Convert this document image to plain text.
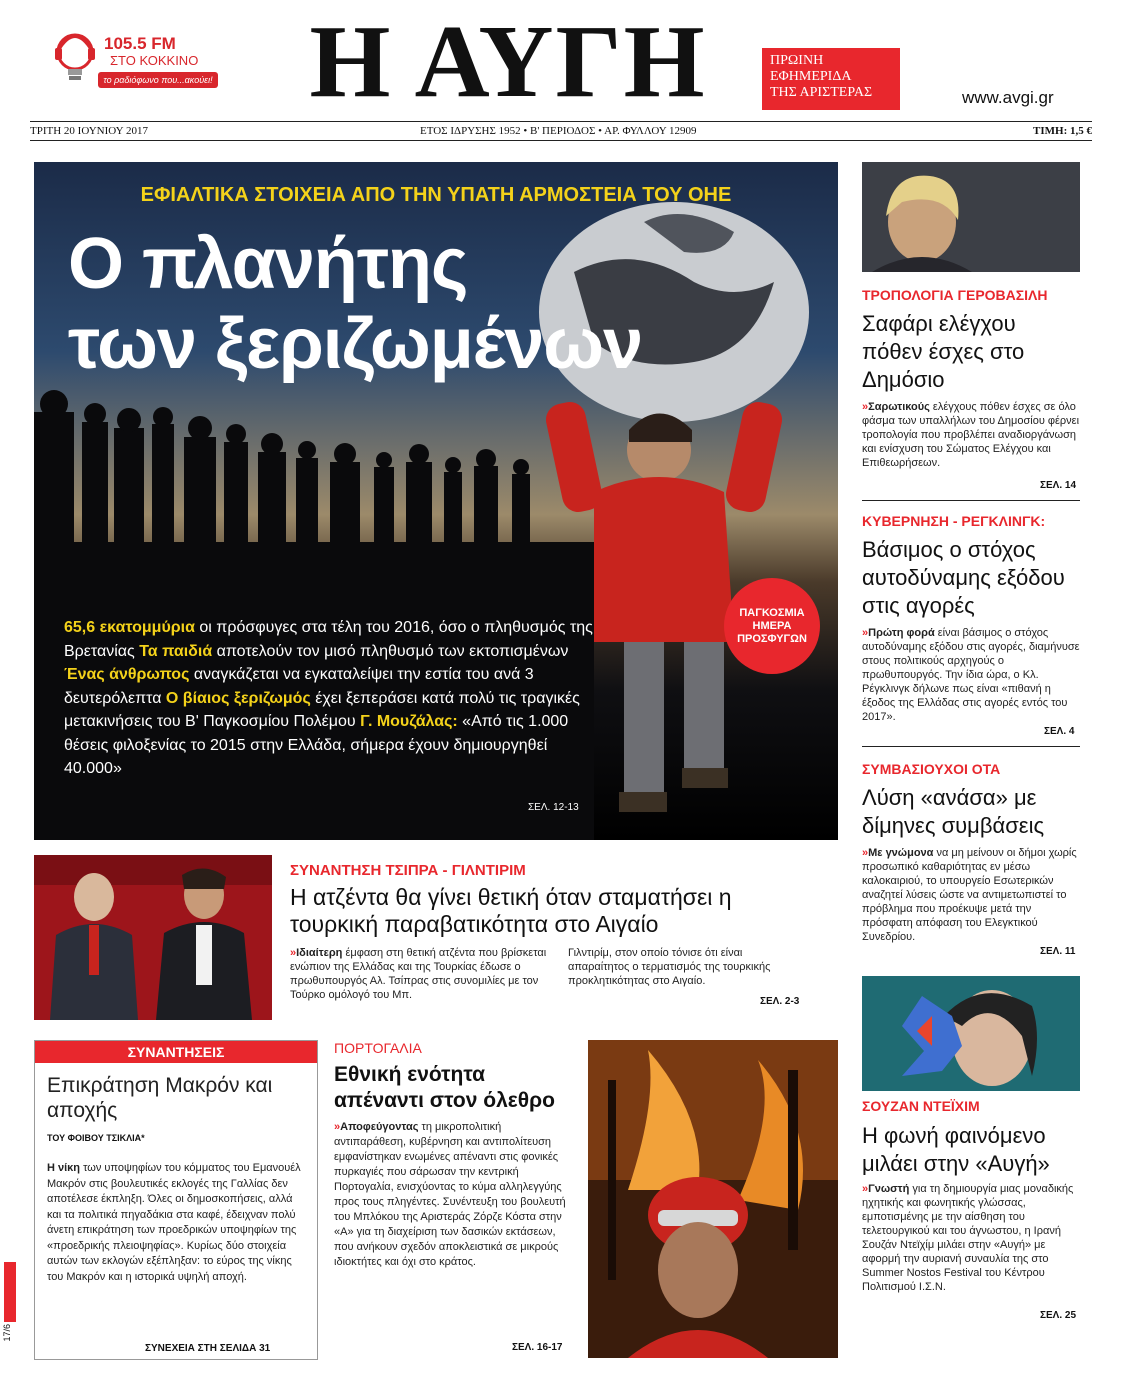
105.5 FM
ΣΤΟ ΚΟΚΚΙΝΟ
το ραδιόφωνο που...ακούει! Η ΑΥΓΗ	ΠΡΩΙΝΗ
ΕΦΗΜΕΡΙΔΑ
ΤΗΣ ΑΡΙΣΤΕΡΑΣ	www.avgi.gr
ΤΡΙΤΗ 20 ΙΟΥΝΙΟΥ 2017	ΕΤΟΣ ΙΔΡΥΣΗΣ 1952 • Β' ΠΕΡΙΟΔΟΣ • ΑΡ. ΦΥΛΛΟΥ 12909	ΤΙΜΗ: 1,5 €
ΕΦΙΑΛΤΙΚΑ ΣΤΟΙΧΕΙΑ ΑΠΟ ΤΗΝ ΥΠΑΤΗ ΑΡΜΟΣΤΕΙΑ ΤΟΥ ΟΗΕ
Ο πλανήτης
των ξεριζωμένων
ΠΑΓΚΟΣΜΙΑ
ΗΜΕΡΑ
ΠΡΟΣΦΥΓΩΝ
65,6 εκατομμύρια οι πρόσφυγες στα τέλη του 2016, όσο ο πληθυσμός της Βρετανίας Τα παιδιά αποτελούν τον μισό πληθυσμό των εκτοπισμένων Ένας άνθρωπος αναγκάζεται να εγκαταλείψει την εστία του ανά 3 δευτερόλεπτα Ο βίαιος ξεριζωμός έχει ξεπεράσει κατά πολύ τις τραγικές μετακινήσεις του Β' Παγκοσμίου Πολέμου Γ. Μουζάλας: «Από τις 1.000 θέσεις φιλοξενίας το 2015 στην Ελλάδα, σήμερα έχουν δημιουργηθεί 40.000»
ΣΕΛ. 12-13
ΤΡΟΠΟΛΟΓΙΑ ΓΕΡΟΒΑΣΙΛΗ
Σαφάρι ελέγχου πόθεν έσχες στο Δημόσιο
»Σαρωτικούς ελέγχους πόθεν έσχες σε όλο φάσμα των υπαλλήλων του Δημοσίου φέρνει τροπολογία που προβλέπει αναδιοργάνωση και ενίσχυση του Σώματος Ελέγχου και Επιθεωρήσεων.
ΣΕΛ. 14
ΚΥΒΕΡΝΗΣΗ - ΡΕΓΚΛΙΝΓΚ:
Βάσιμος ο στόχος αυτοδύναμης εξόδου στις αγορές
»Πρώτη φορά είναι βάσιμος ο στόχος αυτοδύναμης εξόδου στις αγορές, διαμήνυσε στους πολιτικούς αρχηγούς ο πρωθυπουργός. Την ίδια ώρα, ο Κλ. Ρέγκλινγκ δήλωνε πως είναι «πιθανή η έξοδος της Ελλάδας στις αγορές εντός του 2017».
ΣΕΛ. 4
ΣΥΜΒΑΣΙΟΥΧΟΙ ΟΤΑ
Λύση «ανάσα» με δίμηνες συμβάσεις
»Με γνώμονα να μη μείνουν οι δήμοι χωρίς προσωπικό καθαριότητας εν μέσω καλοκαιριού, το υπουργείο Εσωτερικών αναζητεί λύσεις ώστε να αντιμετωπιστεί το πρόβλημα που προέκυψε μετά την πρόσφατη απόφαση του Ελεγκτικού Συνεδρίου.
ΣΕΛ. 11
ΣΟΥΖΑΝ ΝΤΕΪΧΙΜ
Η φωνή φαινόμενο μιλάει στην «Αυγή»
»Γνωστή για τη δημιουργία μιας μοναδικής ηχητικής και φωνητικής γλώσσας, εμποτισμένης με την αίσθηση του τελετουργικού και του άγνωστου, η Ιρανή Σουζάν Ντεϊχίμ μιλάει στην «Αυγή» με αφορμή την αυριανή συναυλία της στο Summer Nostos Festival του Κέντρου Πολιτισμού Ι.Σ.Ν.
ΣΕΛ. 25
ΣΥΝΑΝΤΗΣΗ ΤΣΙΠΡΑ - ΓΙΛΝΤΙΡΙΜ
Η ατζέντα θα γίνει θετική όταν σταματήσει η τουρκική παραβατικότητα στο Αιγαίο
»Ιδιαίτερη έμφαση στη θετική ατζέντα που βρίσκεται ενώπιον της Ελλάδας και της Τουρκίας έδωσε ο πρωθυπουργός Αλ. Τσίπρας στις συνομιλίες με τον Τούρκο ομόλογό του Μπ.
Γιλντιρίμ, στον οποίο τόνισε ότι είναι απαραίτητος ο τερματισμός της τουρκικής προκλητικότητας στο Αιγαίο.
ΣΕΛ. 2-3
ΣΥΝΑΝΤΗΣΕΙΣ
Επικράτηση Μακρόν και αποχής
ΤΟΥ ΦΟΙΒΟΥ ΤΣΙΚΛΙΑ*
Η νίκη των υποψηφίων του κόμματος του Εμανουέλ Μακρόν στις βουλευτικές εκλογές της Γαλλίας δεν αποτέλεσε έκπληξη. Όλες οι δημοσκοπήσεις, αλλά και τα πολιτικά πηγαδάκια στα καφέ, έδειχναν πολύ άνετη επικράτηση των προεδρικών υποψηφίων της «προεδρικής πλειοψηφίας». Κυρίως δύο στοιχεία αυτών των εκλογών εξέπληξαν: το εύρος της νίκης του Μακρόν και η ιστορικά υψηλή αποχή.
ΣΥΝΕΧΕΙΑ ΣΤΗ ΣΕΛΙΔΑ 31
ΠΟΡΤΟΓΑΛΙΑ
Εθνική ενότητα απέναντι στον όλεθρο
»Αποφεύγοντας τη μικροπολιτική αντιπαράθεση, κυβέρνηση και αντιπολίτευση εμφανίστηκαν ενωμένες απέναντι στις φονικές πυρκαγιές που σάρωσαν την κεντρική Πορτογαλία, ενισχύοντας το κύμα αλληλεγγύης προς τους πληγέντες. Συνέντευξη του βουλευτή του Μπλόκου της Αριστεράς Ζόρζε Κόστα στην «Α» για τη διαχείριση των δασικών εκτάσεων, που ανήκουν σχεδόν αποκλειστικά σε μικρούς ιδιοκτήτες και όχι στο κράτος.
ΣΕΛ. 16-17
17/6
